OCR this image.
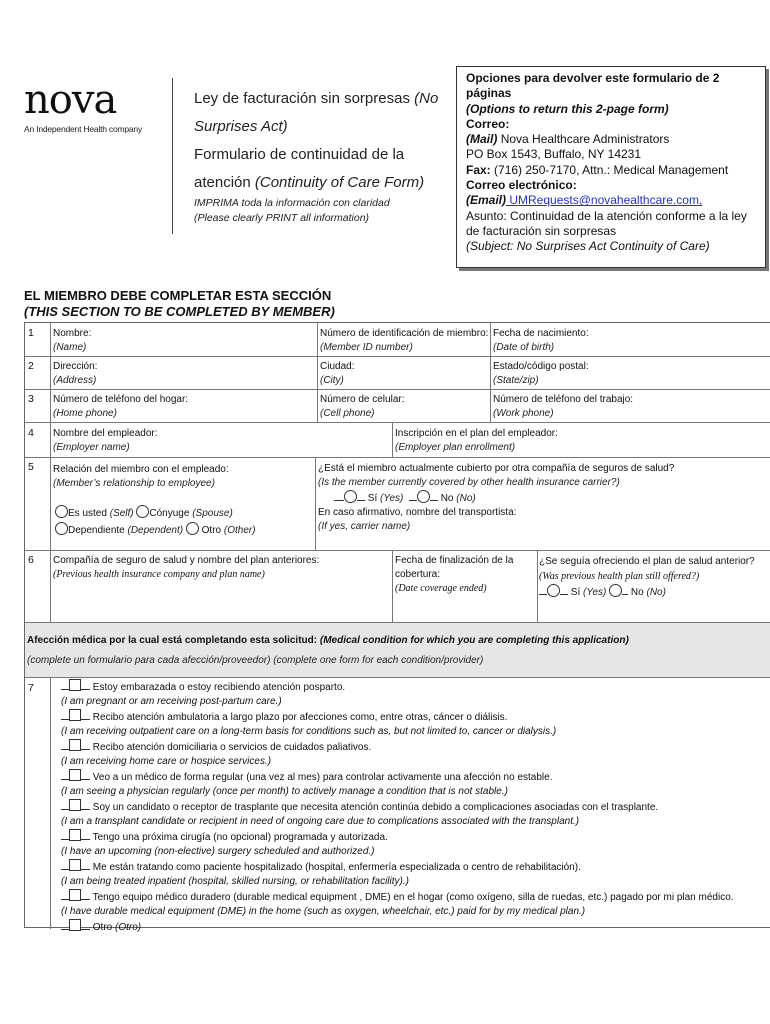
nova
An Independent Health company
Ley de facturación sin sorpresas (No Surprises Act)
Formulario de continuidad de la atención (Continuity of Care Form)
IMPRIMA toda la información con claridad
(Please clearly PRINT all information)
Opciones para devolver este formulario de 2 páginas
(Options to return this 2-page form)
Correo:
(Mail) Nova Healthcare Administrators
PO Box 1543, Buffalo, NY 14231
Fax: (716) 250-7170, Attn.: Medical Management
Correo electrónico:
(Email) UMRequests@novahealthcare.com,
Asunto: Continuidad de la atención conforme a la ley de facturación sin sorpresas
(Subject: No Surprises Act Continuity of Care)
EL MIEMBRO DEBE COMPLETAR ESTA SECCIÓN
(THIS SECTION TO BE COMPLETED BY MEMBER)
1 Nombre:
(Name)
Número de identificación de miembro:
(Member ID number)
Fecha de nacimiento:
(Date of birth)
2 Dirección:
(Address)
Ciudad:
(City)
Estado/código postal:
(State/zip)
3 Número de teléfono del hogar:
(Home phone)
Número de celular:
(Cell phone)
Número de teléfono del trabajo:
(Work phone)
4 Nombre del empleador:
(Employer name)
Inscripción en el plan del empleador:
(Employer plan enrollment)
5 Relación del miembro con el empleado:
(Member’s relationship to employee)
Es usted (Self) Cónyuge (Spouse)
Dependiente (Dependent) Otro (Other)
¿Está el miembro actualmente cubierto por otra compañía de seguros de salud?
(Is the member currently covered by other health insurance carrier?)
Sí (Yes)	No (No)
En caso afirmativo, nombre del transportista:
(If yes, carrier name)
6 Compañía de seguro de salud y nombre del plan anteriores:
(Previous health insurance company and plan name)
Fecha de finalización de la cobertura:
(Date coverage ended)
¿Se seguía ofreciendo el plan de salud anterior?
(Was previous health plan still offered?)
Sí (Yes) No (No)
Afección médica por la cual está completando esta solicitud: (Medical condition for which you are completing this application)
(complete un formulario para cada afección/proveedor) (complete one form for each condition/provider)
7	Estoy embarazada o estoy recibiendo atención posparto.
(I am pregnant or am receiving post-partum care.)
Recibo atención ambulatoria a largo plazo por afecciones como, entre otras, cáncer o diálisis.
(I am receiving outpatient care on a long-term basis for conditions such as, but not limited to, cancer or dialysis.)
Recibo atención domiciliaria o servicios de cuidados paliativos.
(I am receiving home care or hospice services.)
Veo a un médico de forma regular (una vez al mes) para controlar activamente una afección no estable.
(I am seeing a physician regularly (once per month) to actively manage a condition that is not stable.)
Soy un candidato o receptor de trasplante que necesita atención continúa debido a complicaciones asociadas con el trasplante.
(I am a transplant candidate or recipient in need of ongoing care due to complications associated with the transplant.)
Tengo una próxima cirugía (no opcional) programada y autorizada.
(I have an upcoming (non-elective) surgery scheduled and authorized.)
Me están tratando como paciente hospitalizado (hospital, enfermería especializada o centro de rehabilitación).
(I am being treated inpatient (hospital, skilled nursing, or rehabilitation facility).)
Tengo equipo médico duradero (durable medical equipment , DME) en el hogar (como oxígeno, silla de ruedas, etc.) pagado por mi plan médico.
(I have durable medical equipment (DME) in the home (such as oxygen, wheelchair, etc.) paid for by my medical plan.)
Otro (Otro)
